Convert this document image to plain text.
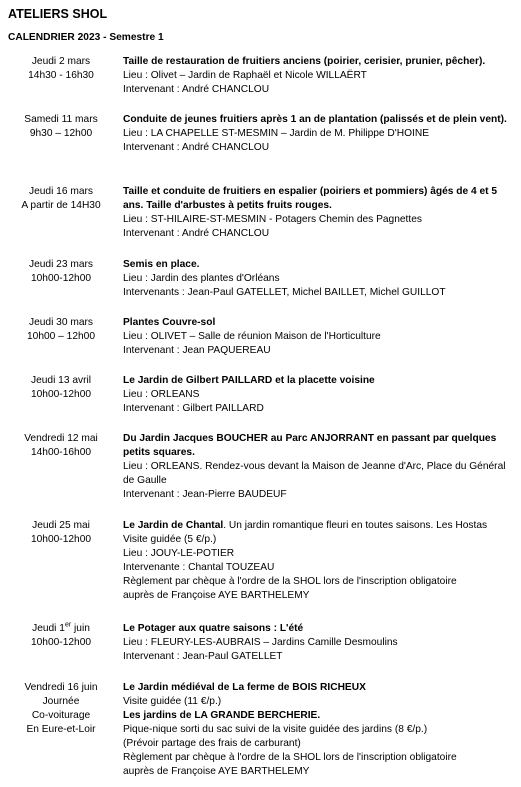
ATELIERS SHOL
CALENDRIER 2023 - Semestre 1
Jeudi 2 mars
14h30 - 16h30
Taille de restauration de fruitiers anciens (poirier, cerisier, prunier, pêcher).
Lieu : Olivet – Jardin de Raphaël et Nicole WILLAËRT
Intervenant : André CHANCLOU
Samedi 11 mars
9h30 – 12h00
Conduite de jeunes fruitiers après 1 an de plantation (palissés et de plein vent).
Lieu : LA CHAPELLE ST-MESMIN – Jardin de M. Philippe D'HOINE
Intervenant : André CHANCLOU
Jeudi 16 mars
A partir de 14H30
Taille et conduite de fruitiers en espalier (poiriers et pommiers) âgés de 4 et 5 ans. Taille d'arbustes à petits fruits rouges.
Lieu : ST-HILAIRE-ST-MESMIN - Potagers Chemin des Pagnettes
Intervenant : André CHANCLOU
Jeudi 23 mars
10h00-12h00
Semis en place.
Lieu : Jardin des plantes d'Orléans
Intervenants : Jean-Paul GATELLET, Michel BAILLET, Michel GUILLOT
Jeudi 30 mars
10h00 – 12h00
Plantes Couvre-sol
Lieu : OLIVET – Salle de réunion Maison de l'Horticulture
Intervenant : Jean PAQUEREAU
Jeudi 13 avril
10h00-12h00
Le Jardin de Gilbert PAILLARD et la placette voisine
Lieu : ORLEANS
Intervenant : Gilbert PAILLARD
Vendredi 12 mai
14h00-16h00
Du Jardin Jacques BOUCHER au Parc ANJORRANT en passant par quelques petits squares.
Lieu : ORLEANS. Rendez-vous devant la Maison de Jeanne d'Arc, Place du Général de Gaulle
Intervenant : Jean-Pierre BAUDEUF
Jeudi 25 mai
10h00-12h00
Le Jardin de Chantal. Un jardin romantique fleuri en toutes saisons. Les Hostas
Visite guidée (5 €/p.)
Lieu : JOUY-LE-POTIER
Intervenante : Chantal TOUZEAU
Règlement par chèque à l'ordre de la SHOL lors de l'inscription obligatoire
auprès de Françoise AYE BARTHELEMY
Jeudi 1er juin
10h00-12h00
Le Potager aux quatre saisons : L'été
Lieu : FLEURY-LES-AUBRAIS – Jardins Camille Desmoulins
Intervenant : Jean-Paul GATELLET
Vendredi 16 juin
Journée
Co-voiturage
En Eure-et-Loir
Le Jardin médiéval de La ferme de BOIS RICHEUX
Visite guidée (11 €/p.)
Les jardins de LA GRANDE BERCHERIE.
Pique-nique sorti du sac suivi de la visite guidée des jardins (8 €/p.)
(Prévoir partage des frais de carburant)
Règlement par chèque à l'ordre de la SHOL lors de l'inscription obligatoire
auprès de Françoise AYE BARTHELEMY
